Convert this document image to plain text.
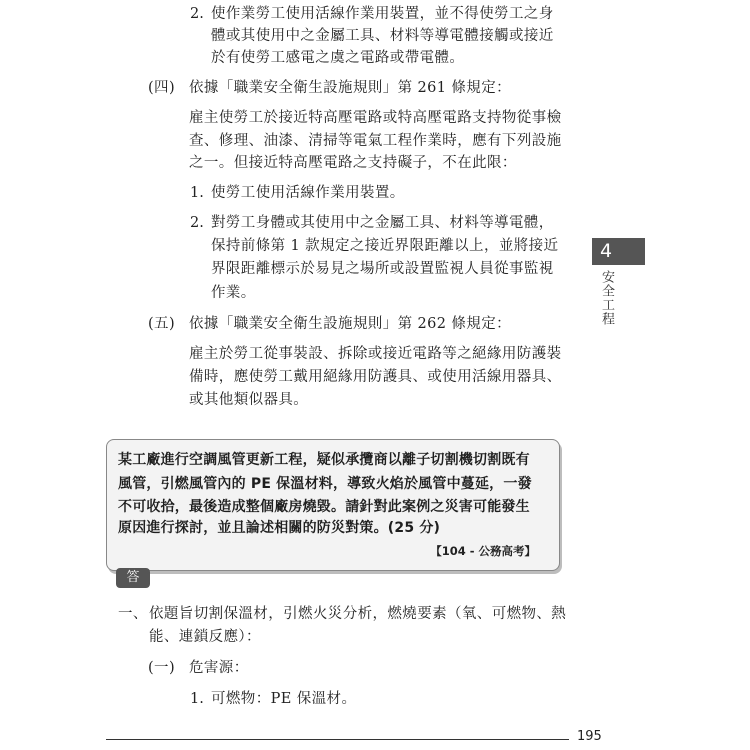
2. 使作業勞工使用活線作業用裝置，並不得使勞工之身
體或其使用中之金屬工具、材料等導電體接觸或接近
於有使勞工感電之虞之電路或帶電體。
(四) 依據「職業安全衛生設施規則」第 261 條規定：
雇主使勞工於接近特高壓電路或特高壓電路支持物從事檢
查、修理、油漆、清掃等電氣工程作業時，應有下列設施
之一。但接近特高壓電路之支持礙子，不在此限：
1. 使勞工使用活線作業用裝置。
2. 對勞工身體或其使用中之金屬工具、材料等導電體，
保持前條第 1 款規定之接近界限距離以上，並將接近
界限距離標示於易見之場所或設置監視人員從事監視
作業。
(五) 依據「職業安全衛生設施規則」第 262 條規定：
雇主於勞工從事裝設、拆除或接近電路等之絕緣用防護裝
備時，應使勞工戴用絕緣用防護具、或使用活線用器具、
或其他類似器具。
4
安全工程
某工廠進行空調風管更新工程，疑似承攬商以離子切割機切割既有
風管，引燃風管內的 PE 保溫材料，導致火焰於風管中蔓延，一發
不可收拾，最後造成整個廠房燒毀。請針對此案例之災害可能發生
原因進行探討，並且論述相關的防災對策。(25 分)
【104 - 公務高考】
答
一、 依題旨切割保溫材，引燃火災分析，燃燒要素（氧、可燃物、熱
能、連鎖反應）：
(一) 危害源：
1. 可燃物：PE 保溫材。
195
